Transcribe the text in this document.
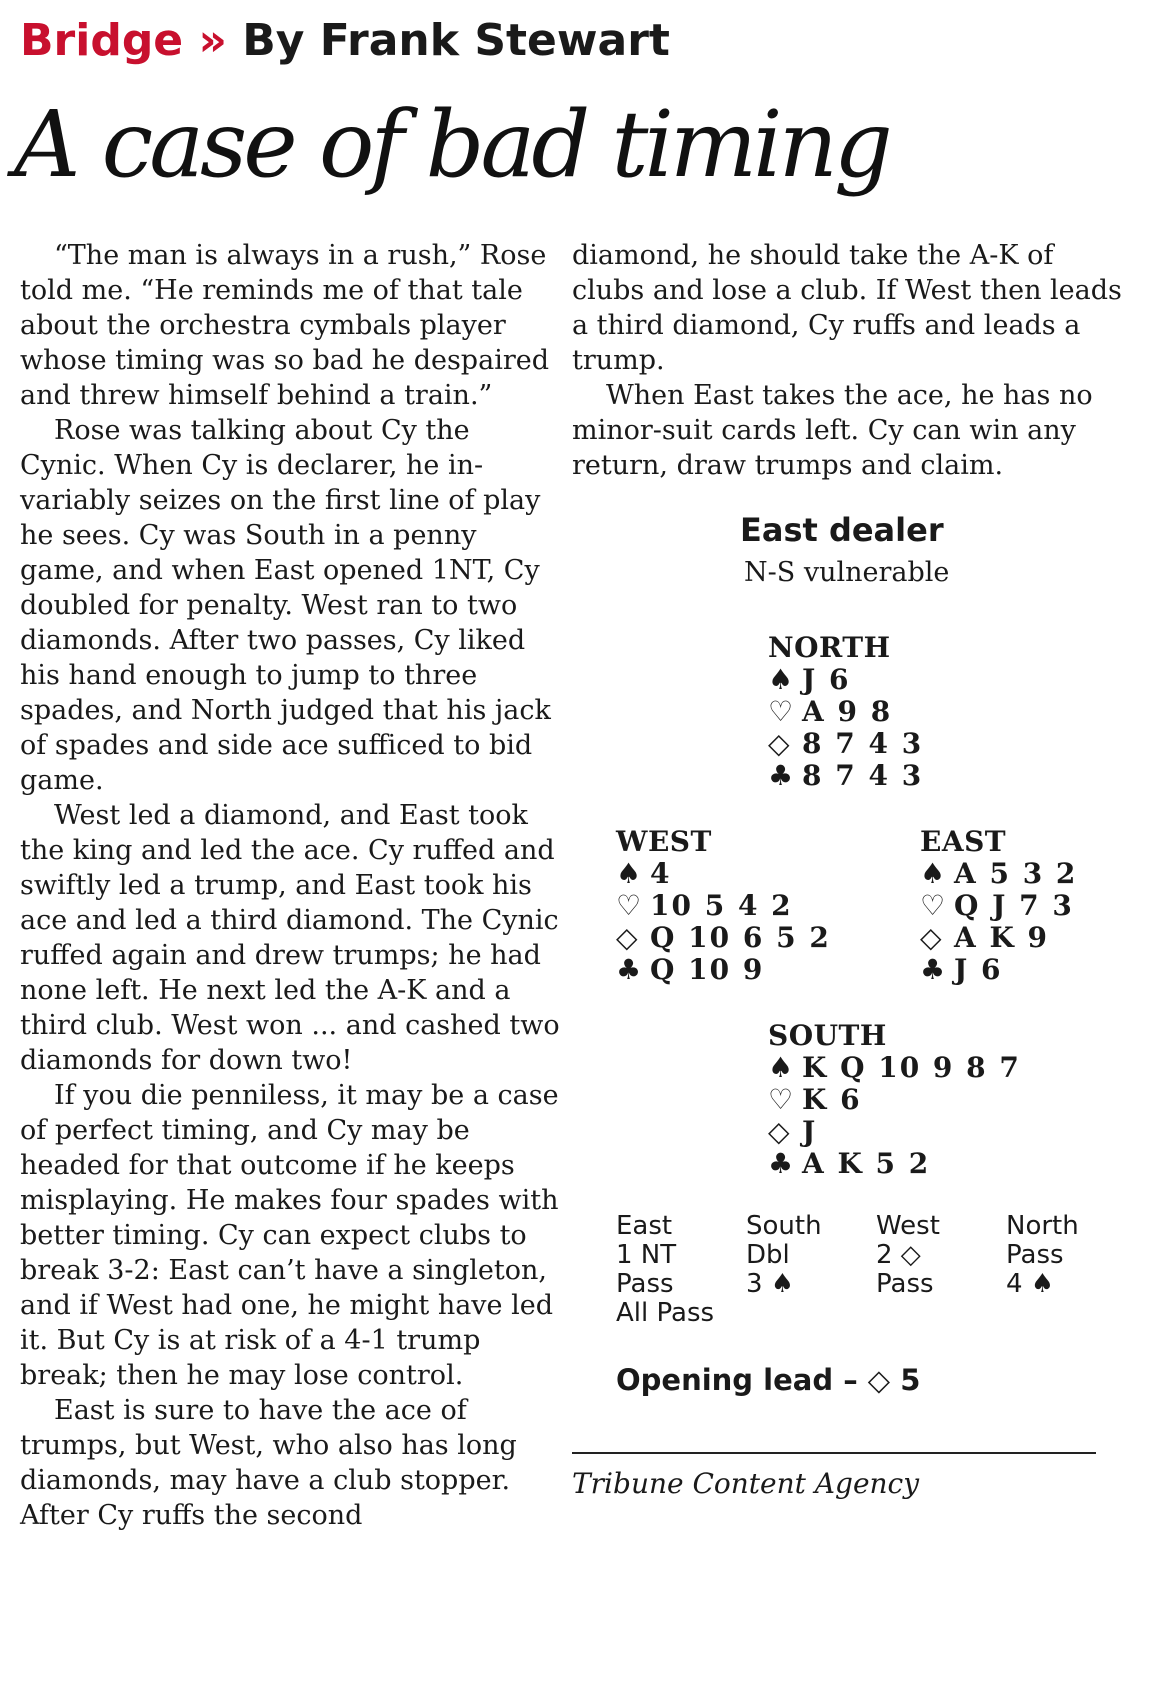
Bridge » By Frank Stewart
A case of bad timing

“The man is always in a rush,” Rose told me. “He reminds me of that tale about the orchestra cymbals player whose timing was so bad he despaired and threw himself behind a train.”

Rose was talking about Cy the Cynic. When Cy is declarer, he invariably seizes on the first line of play he sees. Cy was South in a penny game, and when East opened 1NT, Cy doubled for penalty. West ran to two diamonds. After two passes, Cy liked his hand enough to jump to three spades, and North judged that his jack of spades and side ace sufficed to bid game.

West led a diamond, and East took the king and led the ace. Cy ruffed and swiftly led a trump, and East took his ace and led a third diamond. The Cynic ruffed again and drew trumps; he had none left. He next led the A-K and a third club. West won ... and cashed two diamonds for down two!

If you die penniless, it may be a case of perfect timing, and Cy may be headed for that outcome if he keeps misplaying. He makes four spades with better timing. Cy can expect clubs to break 3-2: East can’t have a singleton, and if West had one, he might have led it. But Cy is at risk of a 4-1 trump break; then he may lose control.

East is sure to have the ace of trumps, but West, who also has long diamonds, may have a club stopper. After Cy ruffs the second

diamond, he should take the A-K of clubs and lose a club. If West then leads a third diamond, Cy ruffs and leads a trump.

When East takes the ace, he has no minor-suit cards left. Cy can win any return, draw trumps and claim.

East dealer
N-S vulnerable
NORTH
♠ J 6
♡ A 9 8
◇ 8 7 4 3
♣ 8 7 4 3
WEST
♠ 4
♡ 10 5 4 2
◇ Q 10 6 5 2
♣ Q 10 9
EAST
♠ A 5 3 2
♡ Q J 7 3
◇ A K 9
♣ J 6
SOUTH
♠ K Q 10 9 8 7
♡ K 6
◇ J
♣ A K 5 2
East	South	West	North
1 NT	Dbl	2 ◇	Pass
Pass	3 ♠	Pass	4 ♠
All Pass
Opening lead – ◇ 5
Tribune Content Agency
